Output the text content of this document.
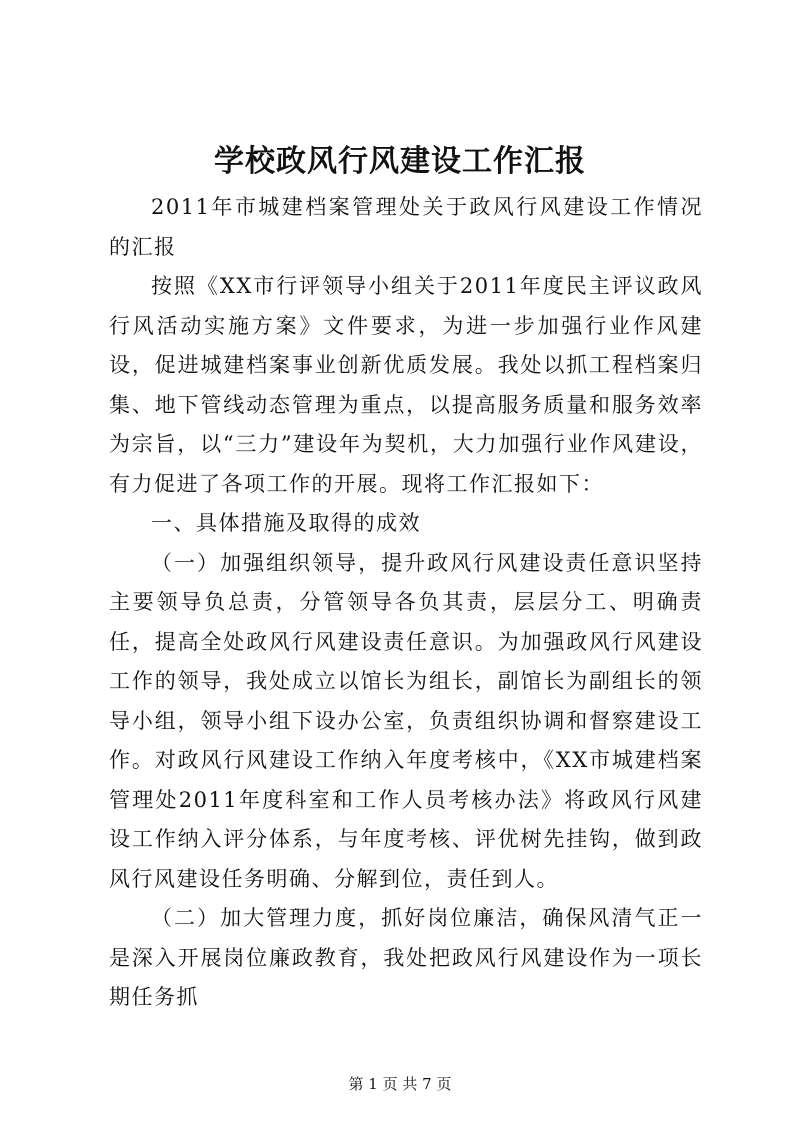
学校政风行风建设工作汇报

2011年市城建档案管理处关于政风行风建设工作情况的汇报

按照《XX市行评领导小组关于2011年度民主评议政风行风活动实施方案》文件要求，为进一步加强行业作风建设，促进城建档案事业创新优质发展。我处以抓工程档案归集、地下管线动态管理为重点，以提高服务质量和服务效率为宗旨，以“三力”建设年为契机，大力加强行业作风建设，有力促进了各项工作的开展。现将工作汇报如下：

一、具体措施及取得的成效

（一）加强组织领导，提升政风行风建设责任意识坚持主要领导负总责，分管领导各负其责，层层分工、明确责任，提高全处政风行风建设责任意识。为加强政风行风建设工作的领导，我处成立以馆长为组长，副馆长为副组长的领导小组，领导小组下设办公室，负责组织协调和督察建设工作。对政风行风建设工作纳入年度考核中，《XX市城建档案管理处2011年度科室和工作人员考核办法》将政风行风建设工作纳入评分体系，与年度考核、评优树先挂钩，做到政风行风建设任务明确、分解到位，责任到人。

（二）加大管理力度，抓好岗位廉洁，确保风清气正一是深入开展岗位廉政教育，我处把政风行风建设作为一项长期任务抓

第 1 页 共 7 页
